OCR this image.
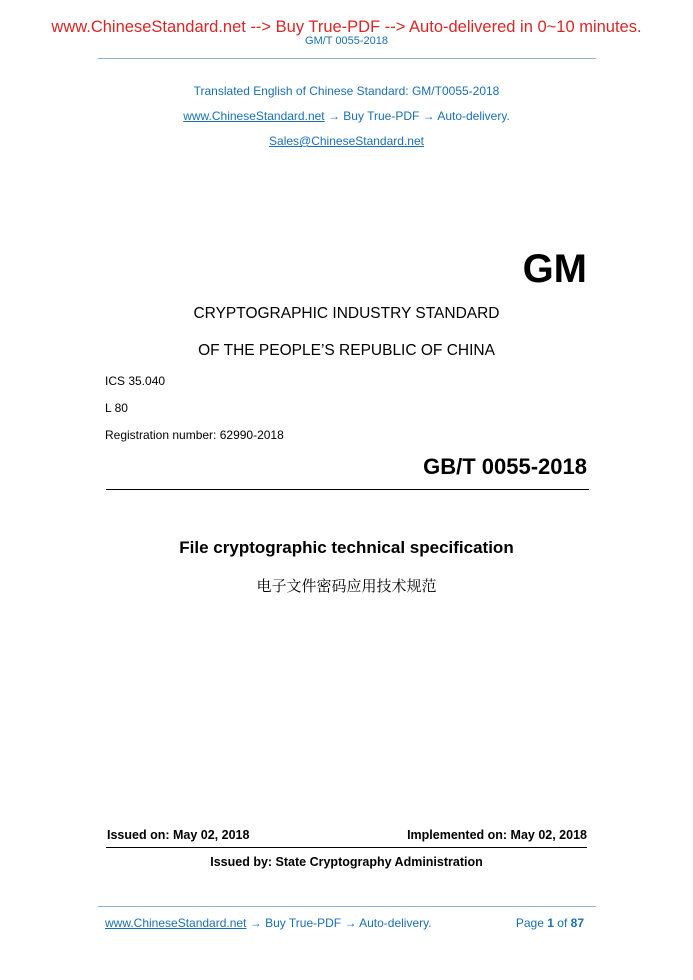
www.ChineseStandard.net --> Buy True-PDF --> Auto-delivered in 0~10 minutes.
GM/T 0055-2018
Translated English of Chinese Standard: GM/T0055-2018
www.ChineseStandard.net → Buy True-PDF → Auto-delivery.
Sales@ChineseStandard.net
GM
CRYPTOGRAPHIC INDUSTRY STANDARD
OF THE PEOPLE’S REPUBLIC OF CHINA
ICS 35.040
L 80
Registration number: 62990-2018
GB/T 0055-2018
File cryptographic technical specification
电子文件密码应用技术规范
Issued on: May 02, 2018	Implemented on: May 02, 2018
Issued by: State Cryptography Administration
www.ChineseStandard.net → Buy True-PDF → Auto-delivery.	Page 1 of 87
